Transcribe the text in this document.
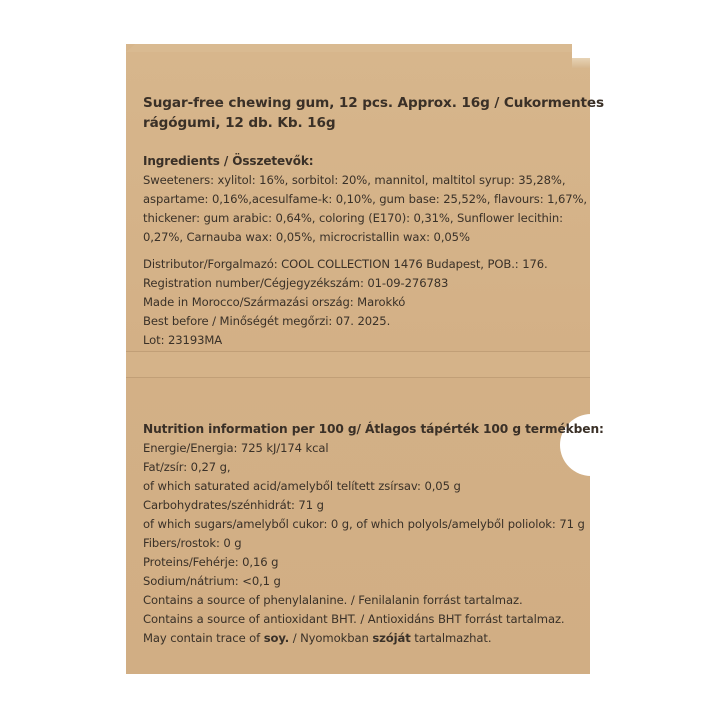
Sugar-free chewing gum, 12 pcs. Approx. 16g / Cukormentes
rágógumi, 12 db. Kb. 16g
Ingredients / Összetevők:
Sweeteners: xylitol: 16%, sorbitol: 20%, mannitol, maltitol syrup: 35,28%,
aspartame: 0,16%,acesulfame-k: 0,10%, gum base: 25,52%, flavours: 1,67%,
thickener: gum arabic: 0,64%, coloring (E170): 0,31%, Sunflower lecithin:
0,27%, Carnauba wax: 0,05%, microcristallin wax: 0,05%
Distributor/Forgalmazó: COOL COLLECTION 1476 Budapest, POB.: 176.
Registration number/Cégjegyzékszám: 01-09-276783
Made in Morocco/Származási ország: Marokkó
Best before / Minőségét megőrzi: 07. 2025.
Lot: 23193MA
Nutrition information per 100 g/ Átlagos tápérték 100 g termékben:
Energie/Energia: 725 kJ/174 kcal
Fat/zsír: 0,27 g,
of which saturated acid/amelyből telített zsírsav: 0,05 g
Carbohydrates/szénhidrát: 71 g
of which sugars/amelyből cukor: 0 g, of which polyols/amelyből poliolok: 71 g
Fibers/rostok: 0 g
Proteins/Fehérje: 0,16 g
Sodium/nátrium: <0,1 g
Contains a source of phenylalanine. / Fenilalanin forrást tartalmaz.
Contains a source of antioxidant BHT. / Antioxidáns BHT forrást tartalmaz.
May contain trace of soy. / Nyomokban szóját tartalmazhat.
